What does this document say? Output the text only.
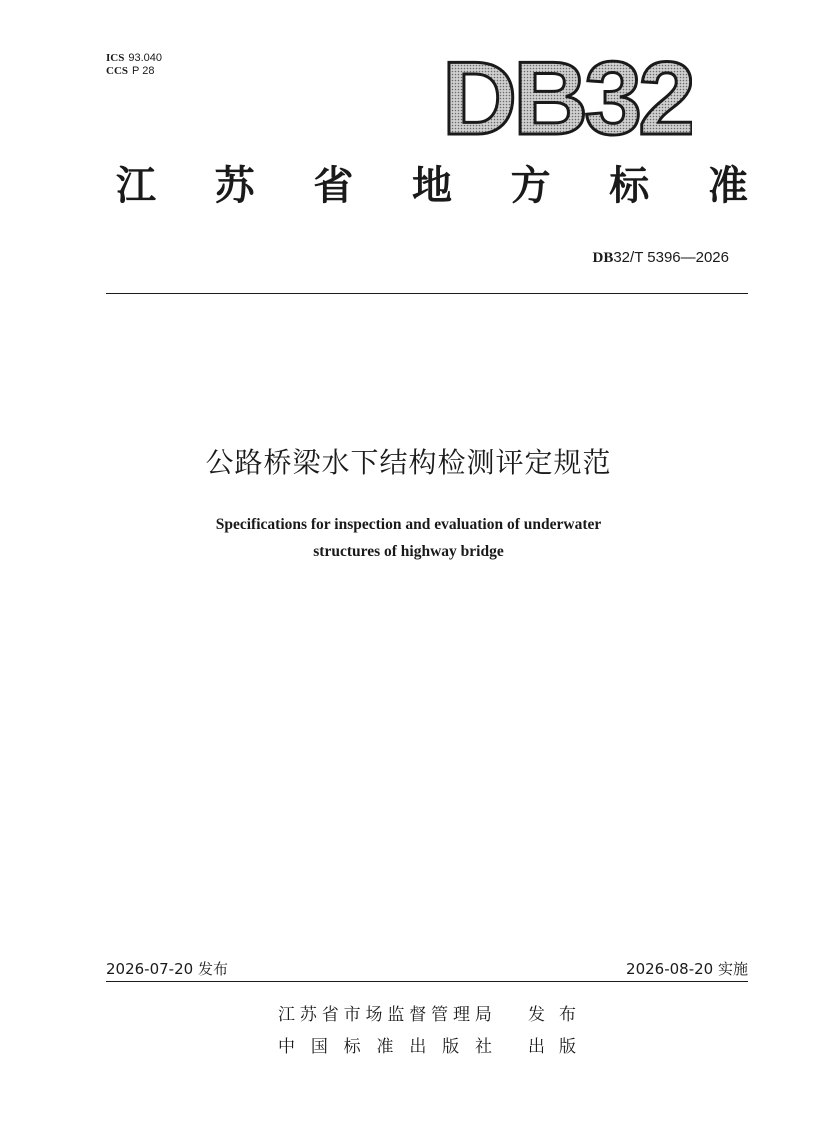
ICS 93.040
CCS P 28	DB32
江 苏 省 地 方 标 准
DB32/T 5396—2026
公路桥梁水下结构检测评定规范
Specifications for inspection and evaluation of underwater
structures of highway bridge
2026-07-20 发布	2026-08-20 实施
江 苏 省 市 场 监 督 管 理 局 发 布
中 国 标 准 出 版 社 出 版
